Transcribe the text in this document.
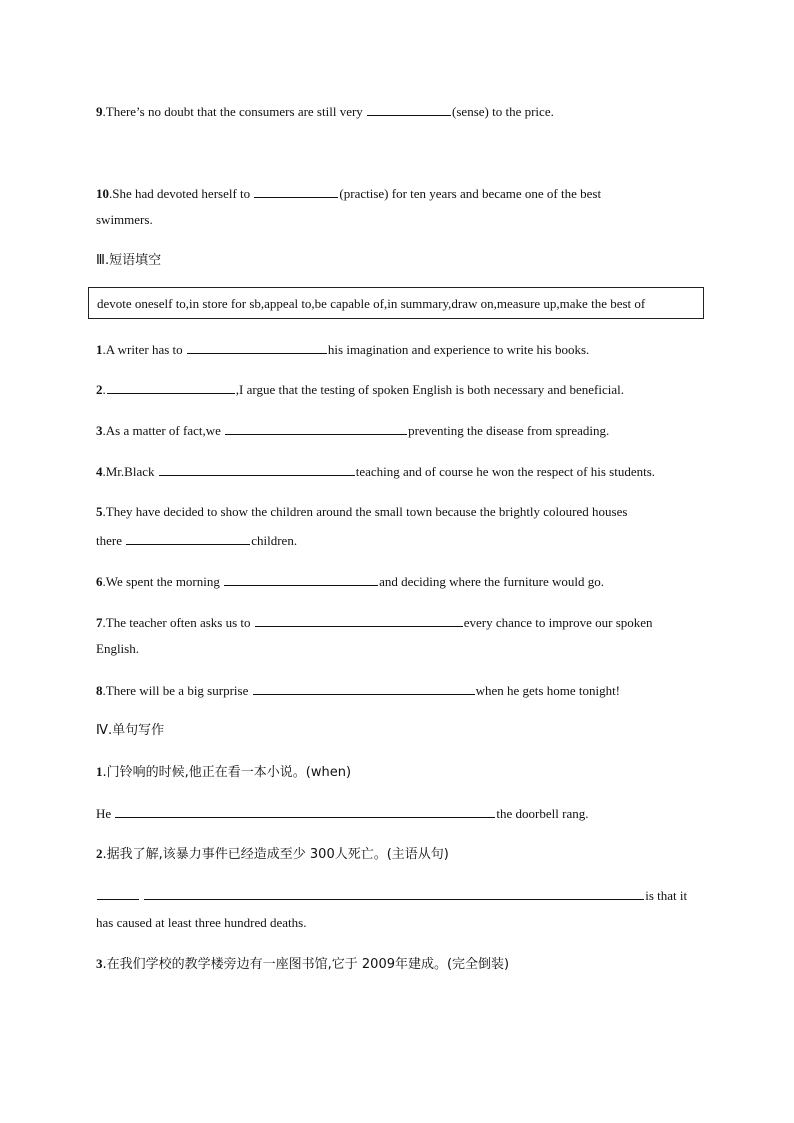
9.There’s no doubt that the consumers are still very	(sense) to the price.
10.She had devoted herself to	(practise) for ten years and became one of the best
swimmers.
Ⅲ.短语填空
devote oneself to,in store for sb,appeal to,be capable of,in summary,draw on,measure up,make the best of
1.A writer has to	his imagination and experience to write his books.
2.	,I argue that the testing of spoken English is both necessary and beneficial.
3.As a matter of fact,we	preventing the disease from spreading.
4.Mr.Black	teaching and of course he won the respect of his students.
5.They have decided to show the children around the small town because the brightly coloured houses
there	children.
6.We spent the morning	and deciding where the furniture would go.
7.The teacher often asks us to	every chance to improve our spoken
English.
8.There will be a big surprise	when he gets home tonight!
Ⅳ.单句写作
1.门铃响的时候,他正在看一本小说。(when)
He	the doorbell rang.
2.据我了解,该暴力事件已经造成至少 300人死亡。(主语从句)
is that it
has caused at least three hundred deaths.
3.在我们学校的教学楼旁边有一座图书馆,它于 2009年建成。(完全倒装)
